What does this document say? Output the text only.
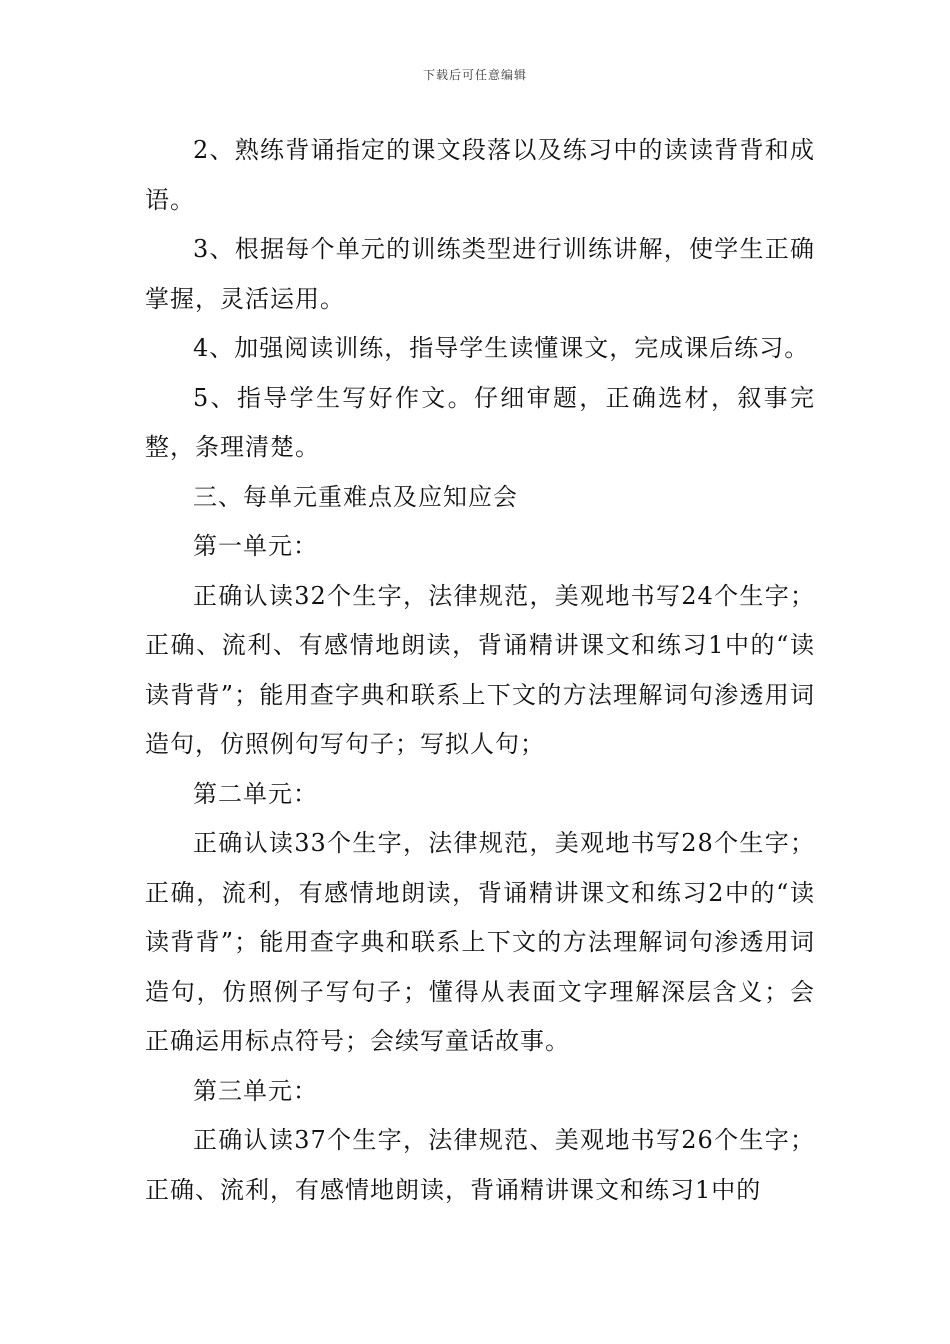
下载后可任意编辑

2、熟练背诵指定的课文段落以及练习中的读读背背和成语。

3、根据每个单元的训练类型进行训练讲解，使学生正确掌握，灵活运用。

4、加强阅读训练，指导学生读懂课文，完成课后练习。

5、指导学生写好作文。仔细审题，正确选材，叙事完整，条理清楚。

三、每单元重难点及应知应会

第一单元：

正确认读32个生字，法律规范，美观地书写24个生字；正确、流利、有感情地朗读，背诵精讲课文和练习1中的“读读背背”；能用查字典和联系上下文的方法理解词句渗透用词造句，仿照例句写句子；写拟人句；

第二单元：

正确认读33个生字，法律规范，美观地书写28个生字；正确，流利，有感情地朗读，背诵精讲课文和练习2中的“读读背背”；能用查字典和联系上下文的方法理解词句渗透用词造句，仿照例子写句子；懂得从表面文字理解深层含义；会正确运用标点符号；会续写童话故事。

第三单元：

正确认读37个生字，法律规范、美观地书写26个生字；正确、流利，有感情地朗读，背诵精讲课文和练习1中的
